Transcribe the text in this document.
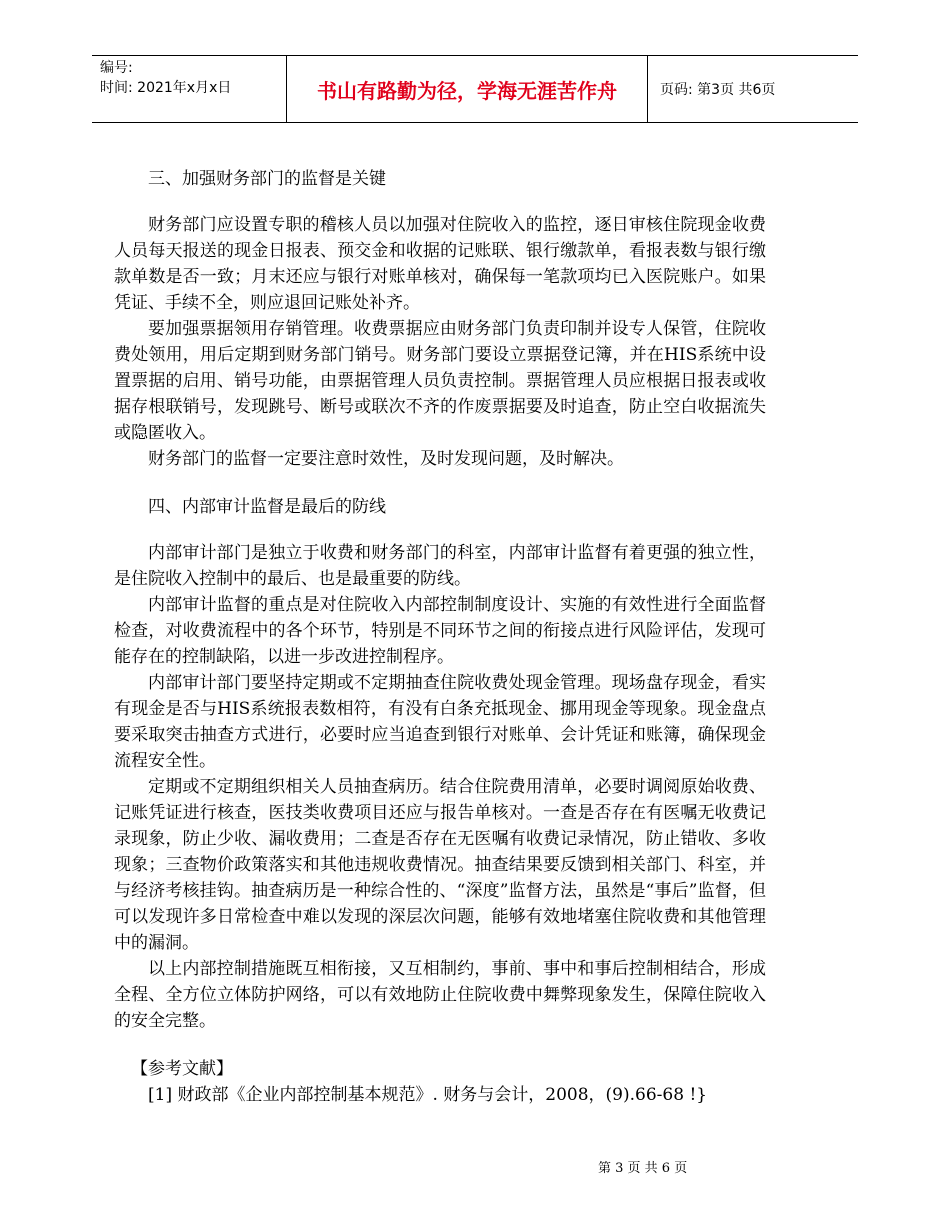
编号:
时间: 2021年x月x日	书山有路勤为径，学海无涯苦作舟	页码: 第3页 共6页

三、加强财务部门的监督是关键

财务部门应设置专职的稽核人员以加强对住院收入的监控，逐日审核住院现金收费人员每天报送的现金日报表、预交金和收据的记账联、银行缴款单，看报表数与银行缴款单数是否一致；月末还应与银行对账单核对，确保每一笔款项均已入医院账户。如果凭证、手续不全，则应退回记账处补齐。

要加强票据领用存销管理。收费票据应由财务部门负责印制并设专人保管，住院收费处领用，用后定期到财务部门销号。财务部门要设立票据登记簿，并在HIS系统中设置票据的启用、销号功能，由票据管理人员负责控制。票据管理人员应根据日报表或收据存根联销号，发现跳号、断号或联次不齐的作废票据要及时追查，防止空白收据流失或隐匿收入。

财务部门的监督一定要注意时效性，及时发现问题，及时解决。

四、内部审计监督是最后的防线

内部审计部门是独立于收费和财务部门的科室，内部审计监督有着更强的独立性，是住院收入控制中的最后、也是最重要的防线。

内部审计监督的重点是对住院收入内部控制制度设计、实施的有效性进行全面监督检查，对收费流程中的各个环节，特别是不同环节之间的衔接点进行风险评估，发现可能存在的控制缺陷，以进一步改进控制程序。

内部审计部门要坚持定期或不定期抽查住院收费处现金管理。现场盘存现金，看实有现金是否与HIS系统报表数相符，有没有白条充抵现金、挪用现金等现象。现金盘点要采取突击抽查方式进行，必要时应当追查到银行对账单、会计凭证和账簿，确保现金流程安全性。

定期或不定期组织相关人员抽查病历。结合住院费用清单，必要时调阅原始收费、记账凭证进行核查，医技类收费项目还应与报告单核对。一查是否存在有医嘱无收费记录现象，防止少收、漏收费用；二查是否存在无医嘱有收费记录情况，防止错收、多收现象；三查物价政策落实和其他违规收费情况。抽查结果要反馈到相关部门、科室，并与经济考核挂钩。抽查病历是一种综合性的、“深度”监督方法，虽然是“事后”监督，但可以发现许多日常检查中难以发现的深层次问题，能够有效地堵塞住院收费和其他管理中的漏洞。

以上内部控制措施既互相衔接，又互相制约，事前、事中和事后控制相结合，形成全程、全方位立体防护网络，可以有效地防止住院收费中舞弊现象发生，保障住院收入的安全完整。

【参考文献】

[1] 财政部《企业内部控制基本规范》. 财务与会计，2008，(9).66-68 !}

第 3 页 共 6 页
